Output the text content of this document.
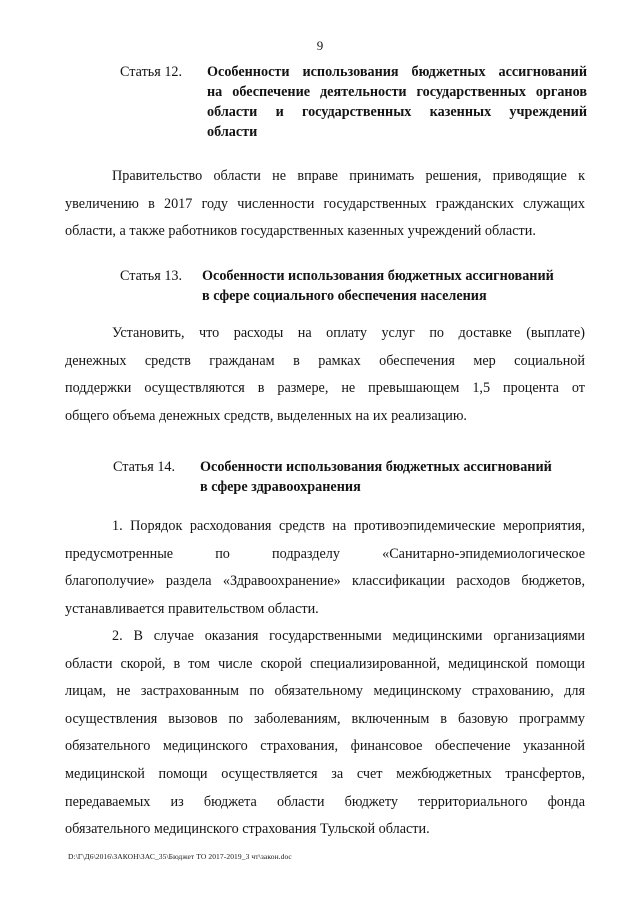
9
Статья 12.	Особенности использования бюджетных ассигнований
на обеспечение деятельности государственных органов
области и государственных казенных учреждений
области
Правительство области не вправе принимать решения, приводящие к
увеличению в 2017 году численности государственных гражданских служащих
области, а также работников государственных казенных учреждений области.
Статья 13.	Особенности использования бюджетных ассигнований
в сфере социального обеспечения населения
Установить, что расходы на оплату услуг по доставке (выплате)
денежных средств гражданам в рамках обеспечения мер социальной
поддержки осуществляются в размере, не превышающем 1,5 процента от
общего объема денежных средств, выделенных на их реализацию.
Статья 14.	Особенности использования бюджетных ассигнований
в сфере здравоохранения
1. Порядок расходования средств на противоэпидемические мероприятия,
предусмотренные по подразделу «Санитарно-эпидемиологическое
благополучие» раздела «Здравоохранение» классификации расходов бюджетов,
устанавливается правительством области.
2. В случае оказания государственными медицинскими организациями
области скорой, в том числе скорой специализированной, медицинской помощи
лицам, не застрахованным по обязательному медицинскому страхованию, для
осуществления вызовов по заболеваниям, включенным в базовую программу
обязательного медицинского страхования, финансовое обеспечение указанной
медицинской помощи осуществляется за счет межбюджетных трансфертов,
передаваемых из бюджета области бюджету территориального фонда
обязательного медицинского страхования Тульской области.
D:\Г\Д6\2016\ЗАКОН\ЗАС_35\Бюджет ТО 2017-2019_3 чт\закон.doc
